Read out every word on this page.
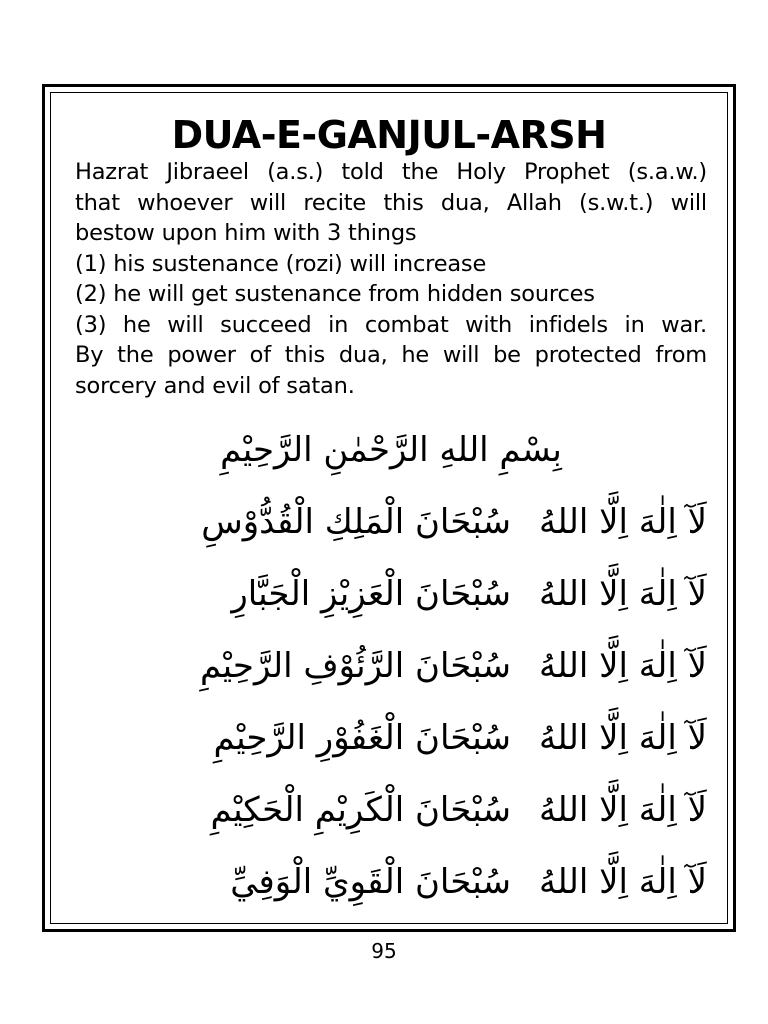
DUA-E-GANJUL-ARSH
Hazrat Jibraeel (a.s.) told the Holy Prophet (s.a.w.)
that whoever will recite this dua, Allah (s.w.t.) will
bestow upon him with 3 things
(1) his sustenance (rozi) will increase
(2) he will get sustenance from hidden sources
(3) he will succeed in combat with infidels in war.
By the power of this dua, he will be protected from
sorcery and evil of satan.
بِسْمِ اللهِ الرَّحْمٰنِ الرَّحِيْمِ
لَآ اِلٰهَ اِلَّا اللهُ
سُبْحَانَ الْمَلِكِ الْقُدُّوْسِ
لَآ اِلٰهَ اِلَّا اللهُ
سُبْحَانَ الْعَزِيْزِ الْجَبَّارِ
لَآ اِلٰهَ اِلَّا اللهُ
سُبْحَانَ الرَّئُوْفِ الرَّحِيْمِ
لَآ اِلٰهَ اِلَّا اللهُ
سُبْحَانَ الْغَفُوْرِ الرَّحِيْمِ
لَآ اِلٰهَ اِلَّا اللهُ
سُبْحَانَ الْكَرِيْمِ الْحَكِيْمِ
لَآ اِلٰهَ اِلَّا اللهُ
سُبْحَانَ الْقَوِيِّ الْوَفِيِّ
95
